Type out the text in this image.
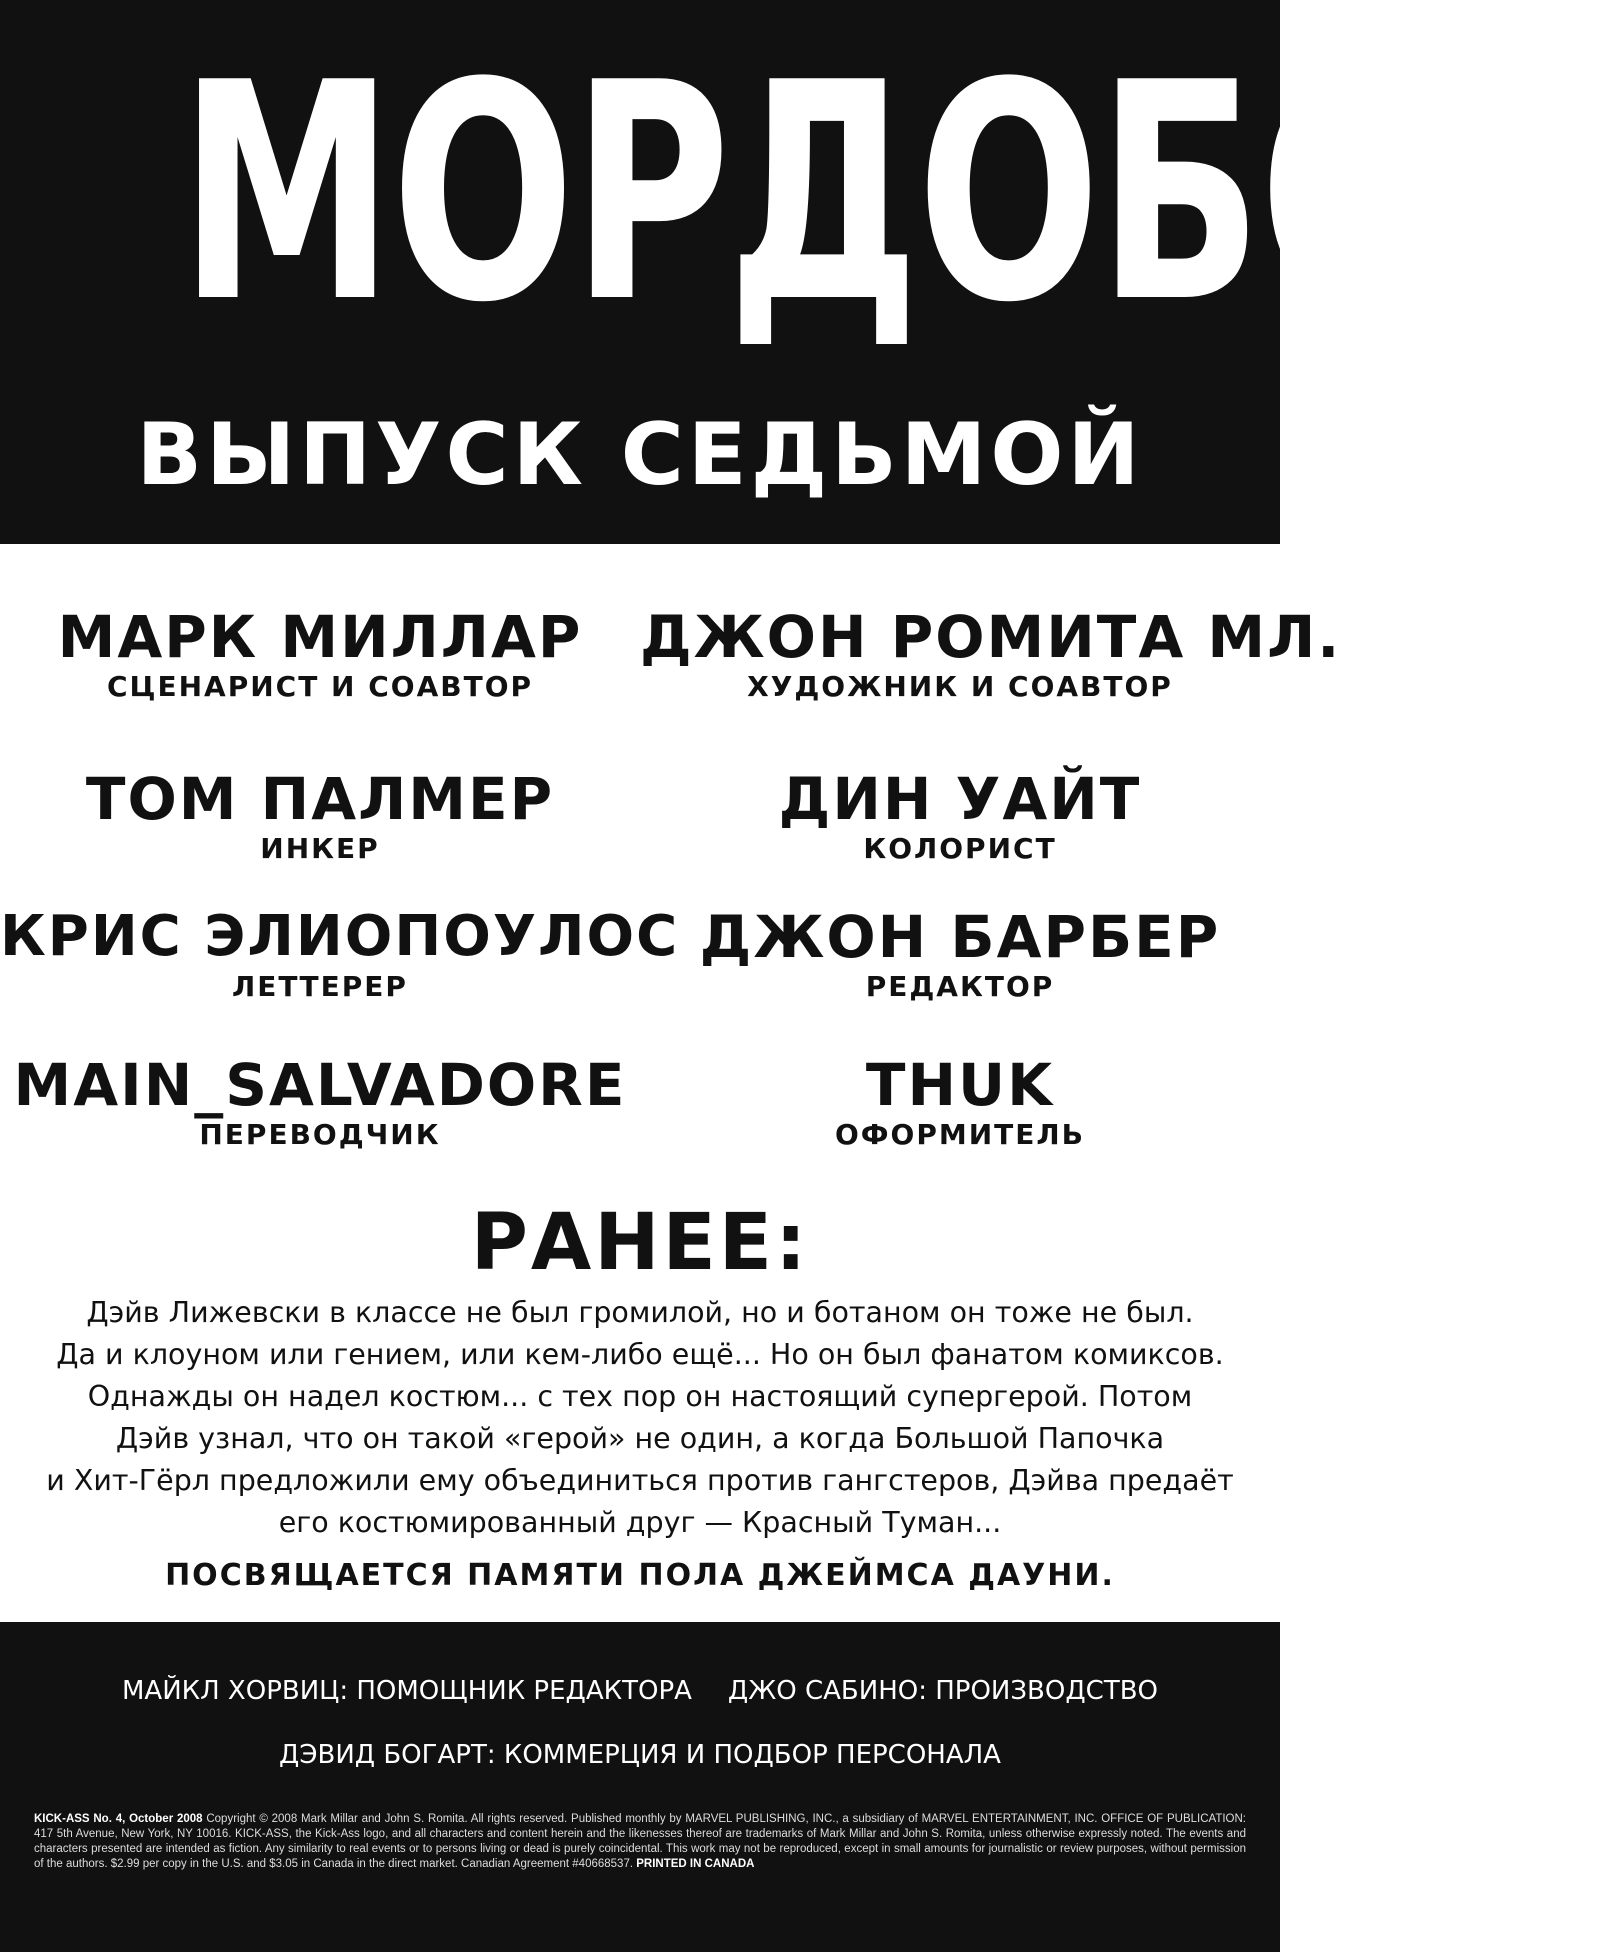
МОРДОБОЙ
ВЫПУСК СЕДЬМОЙ
МАРК МИЛЛАР
СЦЕНАРИСТ И СОАВТОР
ДЖОН РОМИТА МЛ.
ХУДОЖНИК И СОАВТОР
ТОМ ПАЛМЕР
ИНКЕР
ДИН УАЙТ
КОЛОРИСТ
КРИС ЭЛИОПОУЛОС
ЛЕТТЕРЕР
ДЖОН БАРБЕР
РЕДАКТОР
MAIN_SALVADORE
ПЕРЕВОДЧИК
THUK
ОФОРМИТЕЛЬ
РАНЕЕ:
Дэйв Лижевски в классе не был громилой, но и ботаном он тоже не был.
Да и клоуном или гением, или кем-либо ещё... Но он был фанатом комиксов.
Однажды он надел костюм... с тех пор он настоящий супергерой. Потом
Дэйв узнал, что он такой «герой» не один, а когда Большой Папочка
и Хит-Гёрл предложили ему объединиться против гангстеров, Дэйва предаёт
его костюмированный друг — Красный Туман...
ПОСВЯЩАЕТСЯ ПАМЯТИ ПОЛА ДЖЕЙМСА ДАУНИ.
МАЙКЛ ХОРВИЦ: ПОМОЩНИК РЕДАКТОРА ДЖО САБИНО: ПРОИЗВОДСТВО
ДЭВИД БОГАРТ: КОММЕРЦИЯ И ПОДБОР ПЕРСОНАЛА
KICK-ASS No. 4, October 2008 Copyright © 2008 Mark Millar and John S. Romita. All rights reserved. Published monthly by MARVEL PUBLISHING, INC., a subsidiary of MARVEL ENTERTAINMENT, INC. OFFICE OF PUBLICATION: 417 5th Avenue, New York, NY 10016. KICK-ASS, the Kick-Ass logo, and all characters and content herein and the likenesses thereof are trademarks of Mark Millar and John S. Romita, unless otherwise expressly noted. The events and characters presented are intended as fiction. Any similarity to real events or to persons living or dead is purely coincidental. This work may not be reproduced, except in small amounts for journalistic or review purposes, without permission of the authors. $2.99 per copy in the U.S. and $3.05 in Canada in the direct market. Canadian Agreement #40668537. PRINTED IN CANADA
